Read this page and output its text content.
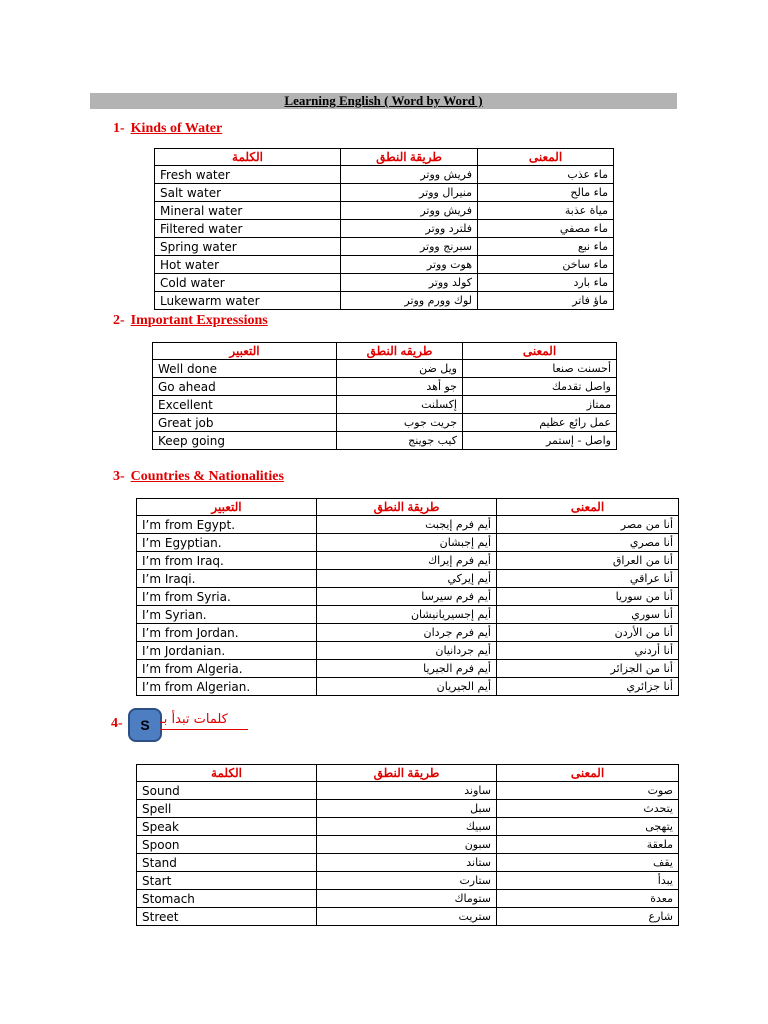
Learning English ( Word by Word )
1- Kinds of Water
الكلمة	طريقة النطق	المعنى
Fresh water	فريش ووتر	ماء عذب
Salt water	منيرال ووتر	ماء مالح
Mineral water	فريش ووتر	مياة عذبة
Filtered water	فلترد ووتر	ماء مصفي
Spring water	سبرنج ووتر	ماء نبع
Hot water	هوت ووتر	ماء ساخن
Cold water	كولد ووتر	ماء بارد
Lukewarm water	لوك وورم ووتر	ماؤ فاتر
2- Important Expressions
التعبير	طريقه النطق	المعنى
Well done	ويل ضن	أحسنت صنعا
Go ahead	جو أهد	واصل تقدمك
Excellent	إكسلنت	ممتاز
Great job	جريت جوب	عمل رائع عظيم
Keep going	كيب جوينج	واصل - إستمر
3- Countries & Nationalities
التعبير	طريقة النطق	المعنى
I’m from Egypt.	أيم فرم إيجبت	أنا من مصر
I’m Egyptian.	أيم إجبشان	أنا مصري
I’m from Iraq.	أيم فرم إيراك	أنا من العراق
I’m Iraqi.	أيم إيركي	أنا عراقي
I’m from Syria.	أيم فرم سيرسا	أنا من سوريا
I’m Syrian.	أيم إجسيريانيشان	أنا سوري
I’m from Jordan.	أيم فرم جردان	أنا من الأردن
I’m Jordanian.	أيم جردانيان	أنا أردني
I’m from Algeria.	أيم فرم الجيريا	أنا من الجزائر
I’m from Algerian.	أيم الجيريان	أنا جزائري
4-	S كلمات تبدأ بـ
الكلمة	طريقة النطق	المعنى
Sound	ساوند	صوت
Spell	سبل	يتحدث
Speak	سبيك	يتهجى
Spoon	سبون	ملعقة
Stand	ستاند	يقف
Start	ستارت	يبدأ
Stomach	ستوماك	معدة
Street	ستريت	شارع
